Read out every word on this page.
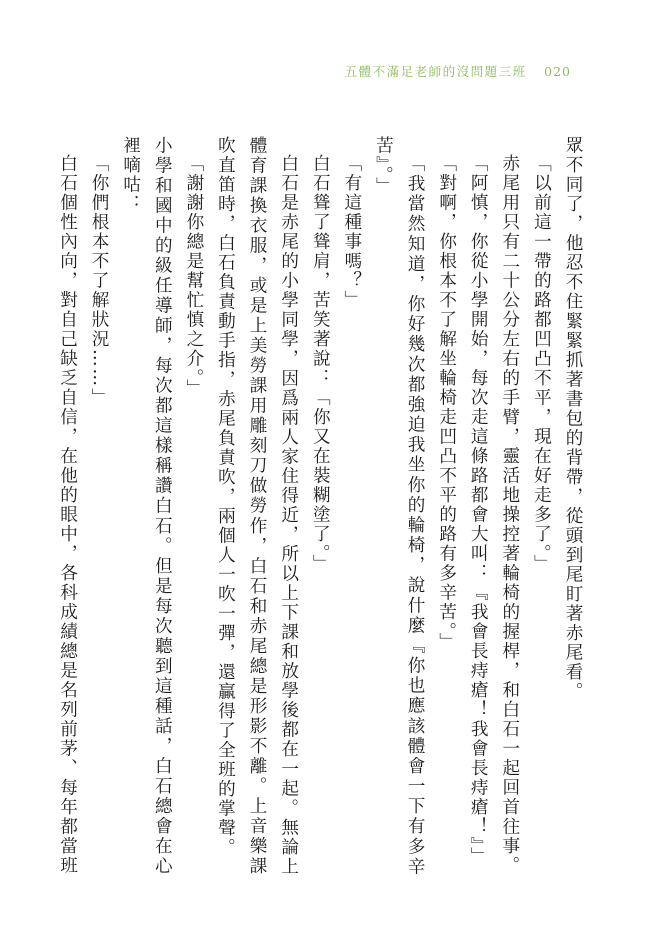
五體不滿足老師的沒問題三班 020

眾不同了，他忍不住緊緊抓著書包的背帶，從頭到尾盯著赤尾看。

「以前這一帶的路都凹凸不平，現在好走多了。」

赤尾用只有二十公分左右的手臂，靈活地操控著輪椅的握桿，和白石一起回首往事。

「阿慎，你從小學開始，每次走這條路都會大叫：『我會長痔瘡！我會長痔瘡！』」

「對啊，你根本不了解坐輪椅走凹凸不平的路有多辛苦。」

「我當然知道，你好幾次都強迫我坐你的輪椅，說什麼『你也應該體會一下有多辛苦』。」

「有這種事嗎？」

白石聳了聳肩，苦笑著說：「你又在裝糊塗了。」

白石是赤尾的小學同學，因爲兩人家住得近，所以上下課和放學後都在一起。無論上體育課換衣服，或是上美勞課用雕刻刀做勞作，白石和赤尾總是形影不離。上音樂課吹直笛時，白石負責動手指，赤尾負責吹，兩個人一吹一彈，還贏得了全班的掌聲。

「謝謝你總是幫忙慎之介。」

小學和國中的級任導師，每次都這樣稱讚白石。但是每次聽到這種話，白石總會在心裡嘀咕：

「你們根本不了解狀況……」

白石個性內向，對自己缺乏自信，在他的眼中，各科成績總是名列前茅、每年都當班
